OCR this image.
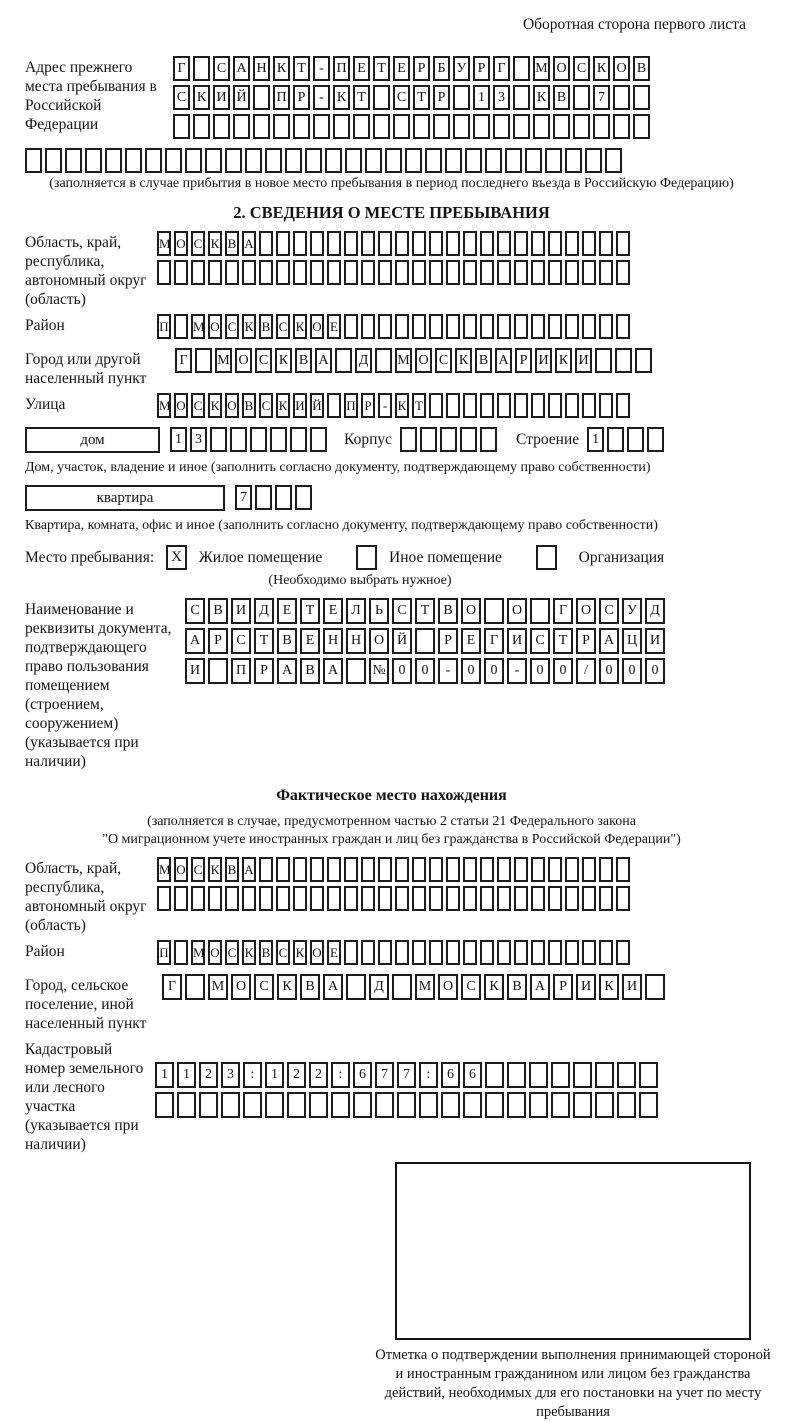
Оборотная сторона первого листа
Адрес прежнего места пребывания в Российской Федерации
Г С А Н К Т - П Е Т Е Р Б У Р Г М О С К О В
С К И Й П Р - К Т С Т Р 1 3 К В 7
(заполняется в случае прибытия в новое место пребывания в период последнего въезда в Российскую Федерацию)
2. СВЕДЕНИЯ О МЕСТЕ ПРЕБЫВАНИЯ
Область, край, республика, автономный округ (область)
М О С К В А
Район	П М О С К В С К О Е
Город или другой населенный пункт
Г М О С К В А Д М О С К В А Р И К И
Улица	М О С К О В С К И Й П Р - К Т
дом	1 3	Корпус	Строение 1
Дом, участок, владение и иное (заполнить согласно документу, подтверждающему право собственности)
квартира	7
Квартира, комната, офис и иное (заполнить согласно документу, подтверждающему право собственности)
Место пребывания: X Жилое помещение	Иное помещение	Организация
(Необходимо выбрать нужное)
Наименование и реквизиты документа, подтверждающего право пользования помещением (строением, сооружением) (указывается при наличии)
С В И Д Е Т Е Л Ь С Т В О	О	Г О С У Д
А Р С Т В Е Н Н О Й	Р Е Г И С Т Р А Ц И
И	П Р А В А № 0 0 - 0 0 - 0 0 / 0 0 0
Фактическое место нахождения
(заполняется в случае, предусмотренном частью 2 статьи 21 Федерального закона
"О миграционном учете иностранных граждан и лиц без гражданства в Российской Федерации")
Область, край, республика, автономный округ (область)
М О С К В А
Район	П М О С К В С К О Е
Город, сельское поселение, иной населенный пункт
Г	М О С К В А	Д М О С К В А Р И К И
Кадастровый номер земельного или лесного участка (указывается при наличии)
1 1 2 3 : 1 2 2 : 6 7 7 : 6 6
Отметка о подтверждении выполнения принимающей стороной и иностранным гражданином или лицом без гражданства действий, необходимых для его постановки на учет по месту пребывания
